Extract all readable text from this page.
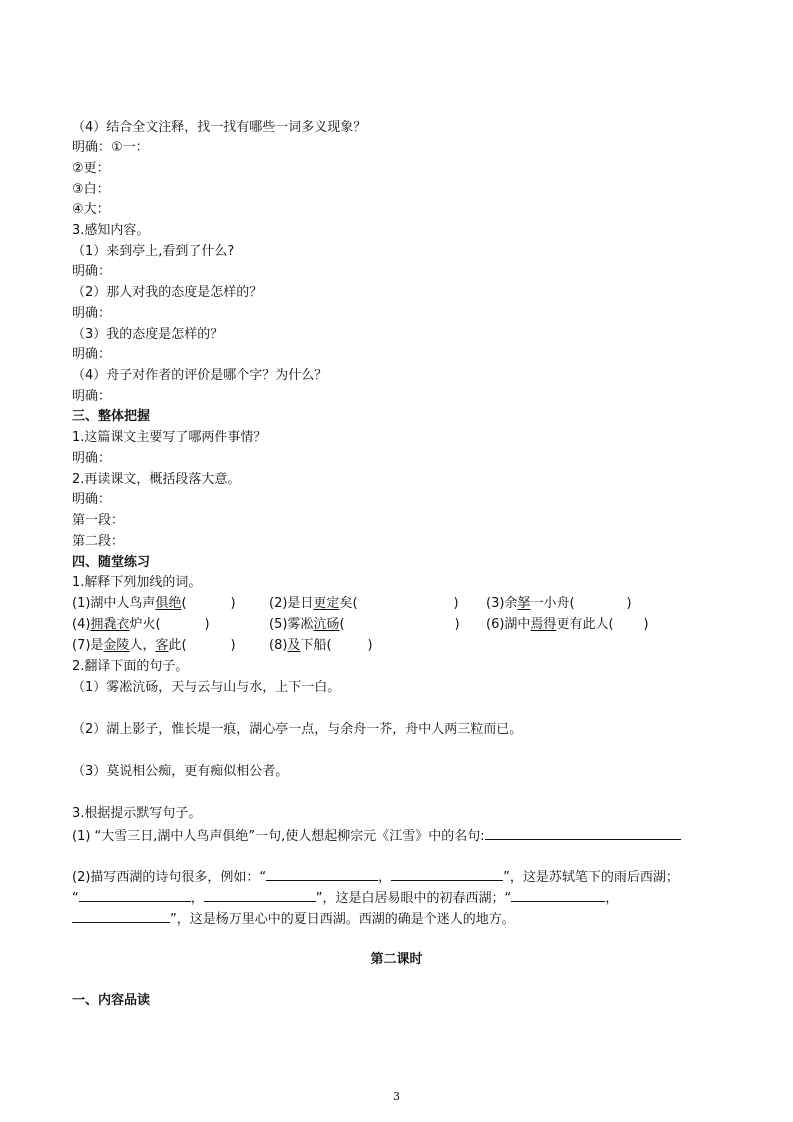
（4）结合全文注释，找一找有哪些一词多义现象？
明确：①一：
②更：
③白：
④大：
3.感知内容。
（1）来到亭上,看到了什么?
明确：
（2）那人对我的态度是怎样的？
明确：
（3）我的态度是怎样的？
明确：
（4）舟子对作者的评价是哪个字？为什么？
明确：
三、整体把握
1.这篇课文主要写了哪两件事情？
明确：
2.再读课文，概括段落大意。
明确：
第一段：
第二段：
四、随堂练习
1.解释下列加线的词。
(1)湖中人鸟声俱绝(	)	(2)是日更定矣(	) (3)余拏一小舟(	)
(4)拥毳衣炉火(	)	(5)雾凇沆砀(	) (6)湖中焉得更有此人( )
(7)是金陵人，客此(	)	(8)及下船(	)
2.翻译下面的句子。
（1）雾凇沆砀，天与云与山与水，上下一白。
（2）湖上影子，惟长堤一痕，湖心亭一点，与余舟一芥，舟中人两三粒而已。
（3）莫说相公痴，更有痴似相公者。
3.根据提示默写句子。
(1) “大雪三日,湖中人鸟声俱绝”一句,使人想起柳宗元《江雪》中的名句:
(2)描写西湖的诗句很多，例如：“	，	”，这是苏轼笔下的雨后西湖；
“	，	”，这是白居易眼中的初春西湖；“	，
”，这是杨万里心中的夏日西湖。西湖的确是个迷人的地方。
第二课时
一、内容品读
3
